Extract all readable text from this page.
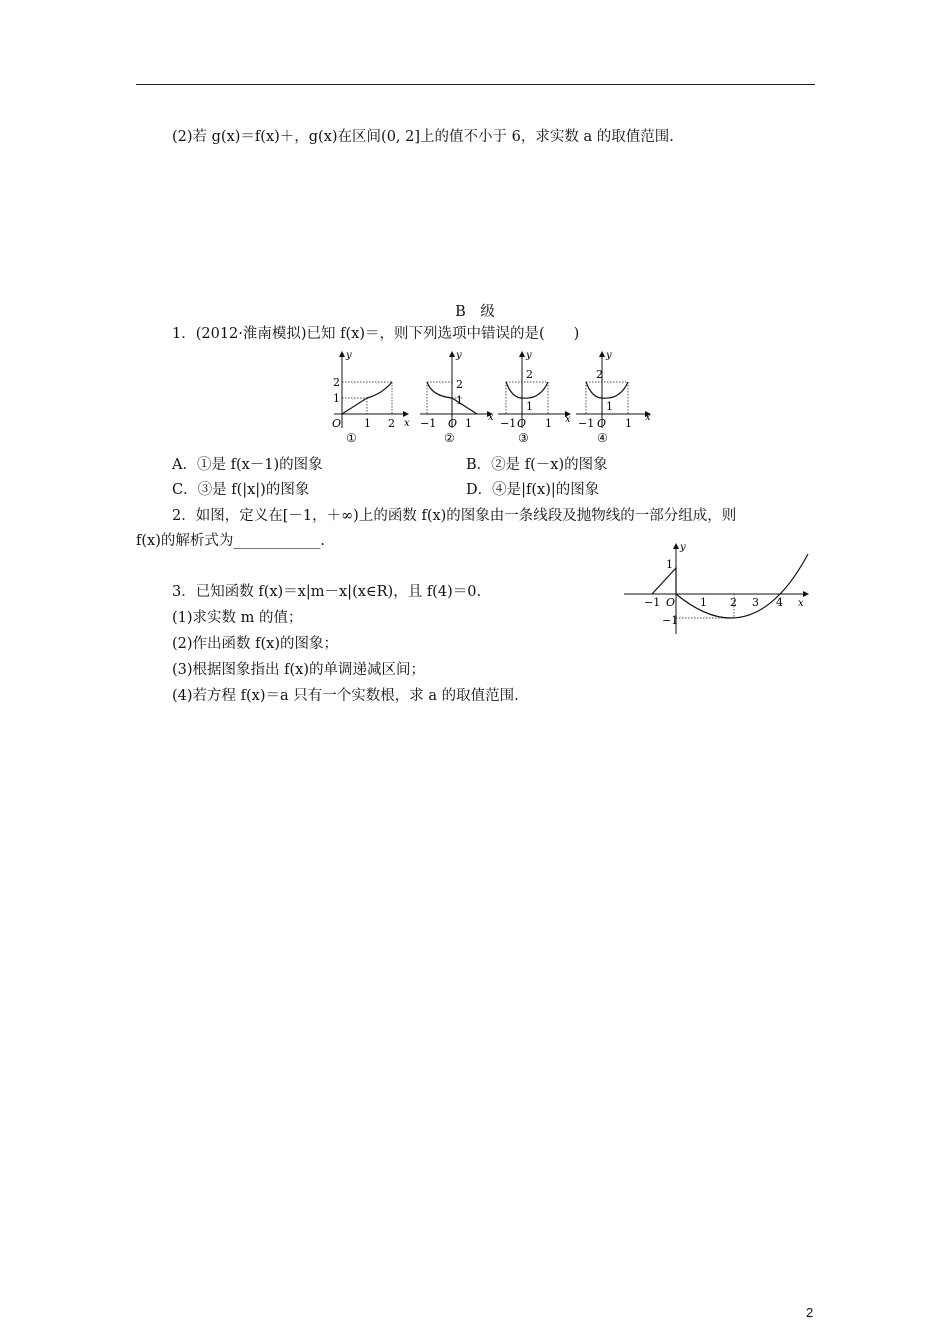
(2)若 g(x)＝f(x)＋，g(x)在区间(0, 2]上的值不小于 6，求实数 a 的取值范围.
B　级
1．(2012·淮南模拟)已知 f(x)＝，则下列选项中错误的是(　　)
y
2
1
O 1 2 x
①
y
2
1
−1 O 1 x
②
y
2
1
−1 O 1 x
③
y
2
1
−1 O 1 x
④
A．①是 f(x－1)的图象	B．②是 f(－x)的图象
C．③是 f(|x|)的图象	D．④是|f(x)|的图象
2．如图，定义在[－1，＋∞)上的函数 f(x)的图象由一条线段及抛物线的一部分组成，则
f(x)的解析式为____________.
3．已知函数 f(x)＝x|m－x|(x∈R)，且 f(4)＝0.
(1)求实数 m 的值；
(2)作出函数 f(x)的图象；
(3)根据图象指出 f(x)的单调递减区间；
(4)若方程 f(x)＝a 只有一个实数根，求 a 的取值范围.
y
1
−1
−1 O 1 2 3 4 x
2
